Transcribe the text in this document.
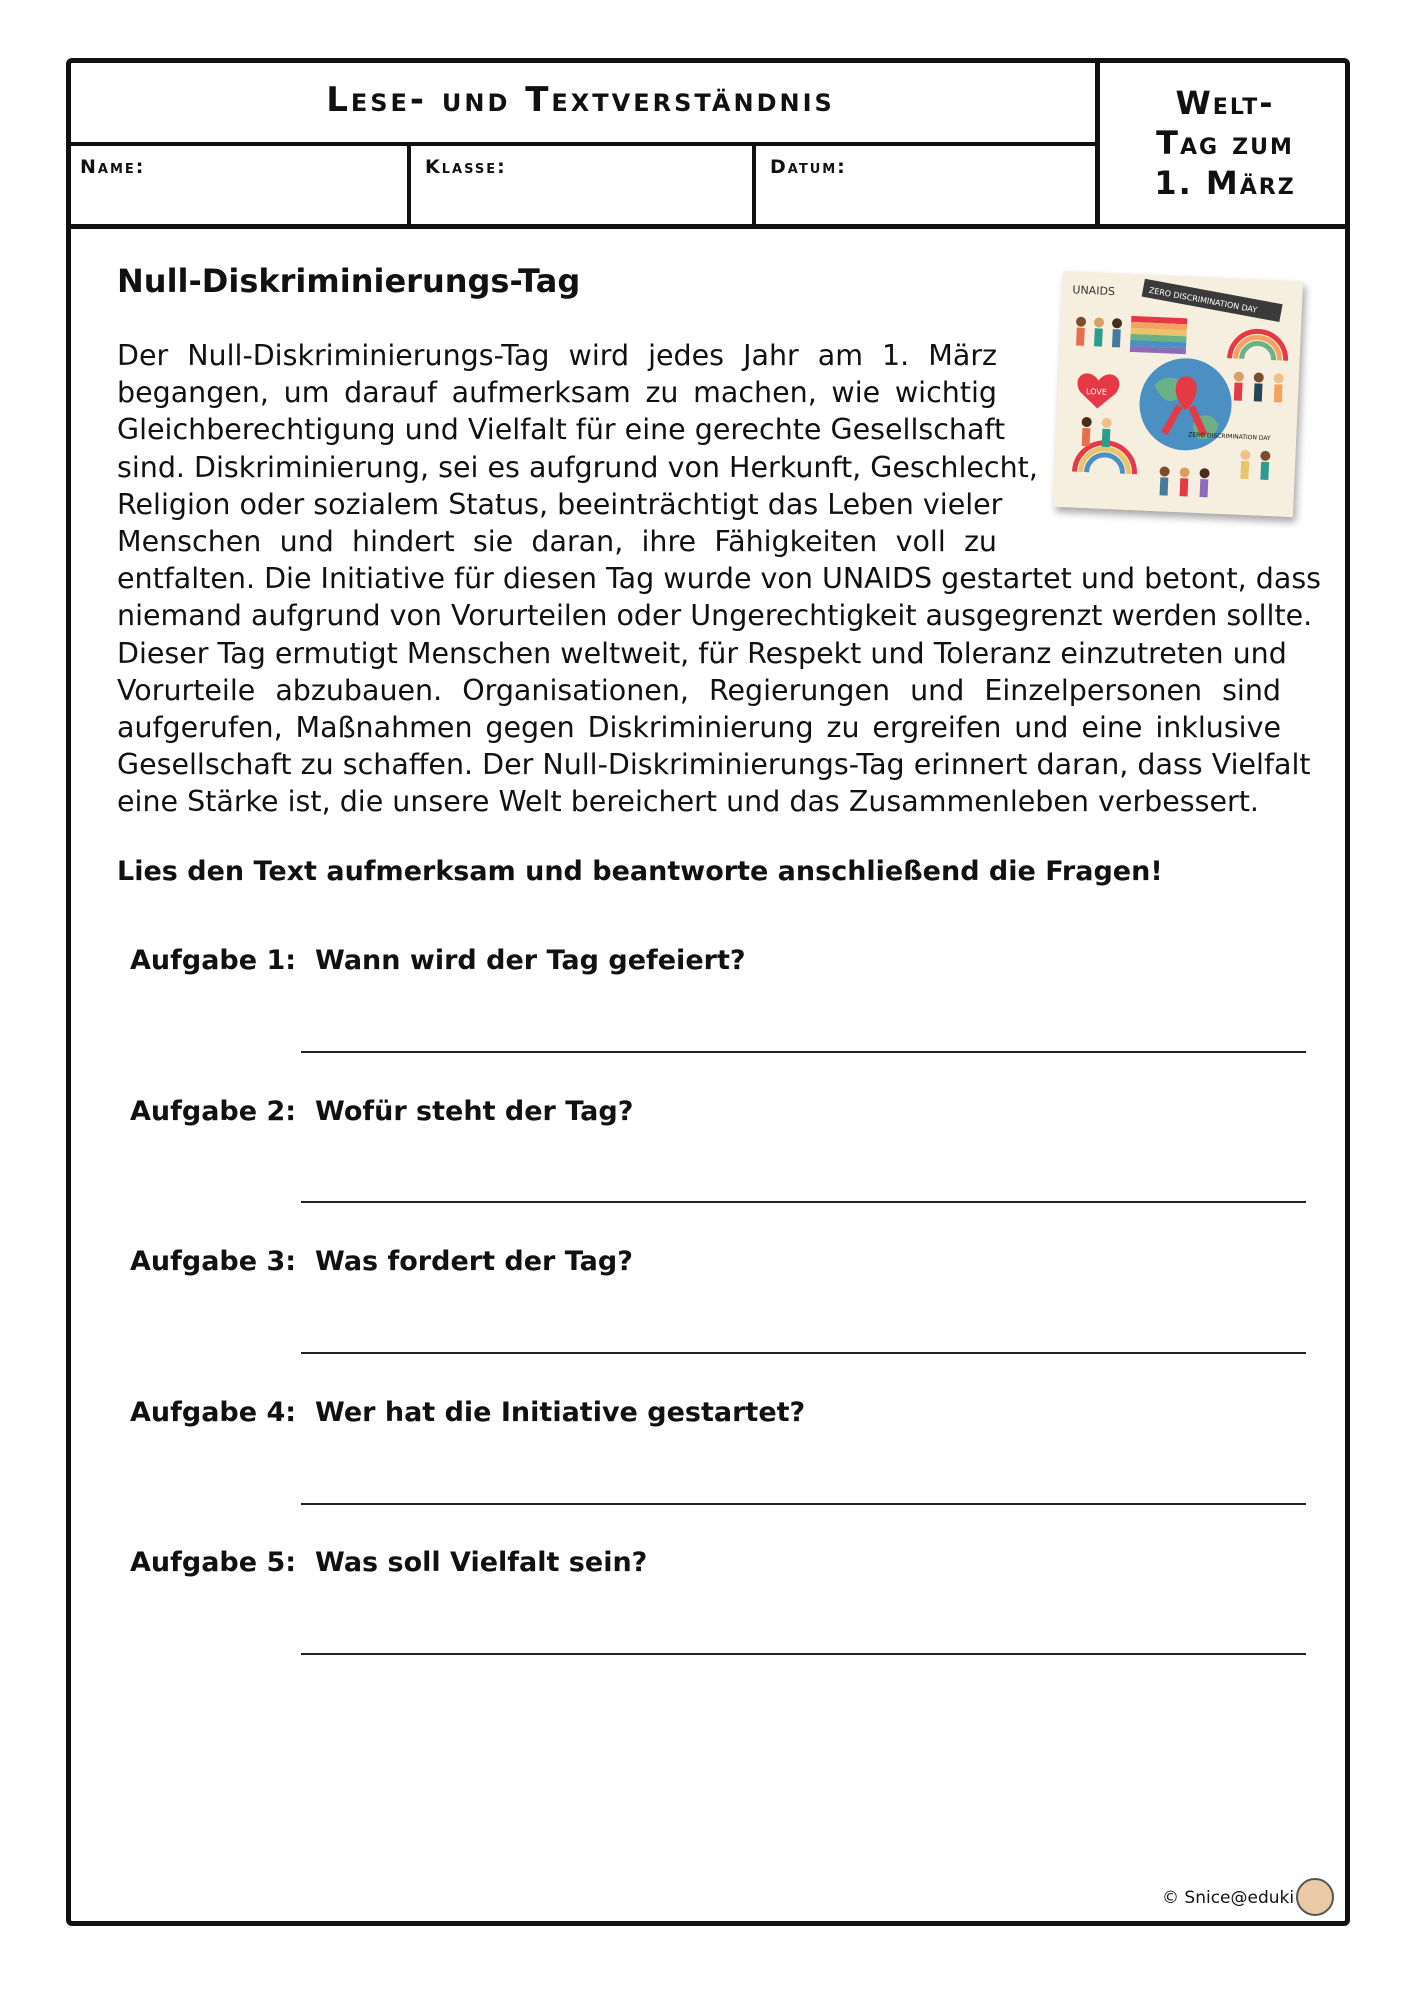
Lese- und Textverständnis	Welt-
Tag zum
1. März
Name:	Klasse:	Datum:
Null-Diskriminierungs-Tag	UNAIDS	ZERO DISCRIMINATION DAY
ZERO DISCRIMINATION DAY
LOVE
Der Null-Diskriminierungs-Tag wird jedes Jahr am 1. März
begangen, um darauf aufmerksam zu machen, wie wichtig
Gleichberechtigung und Vielfalt für eine gerechte Gesellschaft
sind. Diskriminierung, sei es aufgrund von Herkunft, Geschlecht,
Religion oder sozialem Status, beeinträchtigt das Leben vieler
Menschen und hindert sie daran, ihre Fähigkeiten voll zu
entfalten. Die Initiative für diesen Tag wurde von UNAIDS gestartet und betont, dass
niemand aufgrund von Vorurteilen oder Ungerechtigkeit ausgegrenzt werden sollte.
Dieser Tag ermutigt Menschen weltweit, für Respekt und Toleranz einzutreten und
Vorurteile abzubauen. Organisationen, Regierungen und Einzelpersonen sind
aufgerufen, Maßnahmen gegen Diskriminierung zu ergreifen und eine inklusive
Gesellschaft zu schaffen. Der Null-Diskriminierungs-Tag erinnert daran, dass Vielfalt
eine Stärke ist, die unsere Welt bereichert und das Zusammenleben verbessert.
Lies den Text aufmerksam und beantworte anschließend die Fragen!
Aufgabe 1: Wann wird der Tag gefeiert?
Aufgabe 2: Wofür steht der Tag?
Aufgabe 3: Was fordert der Tag?
Aufgabe 4: Wer hat die Initiative gestartet?
Aufgabe 5: Was soll Vielfalt sein?
© Snice@eduki
